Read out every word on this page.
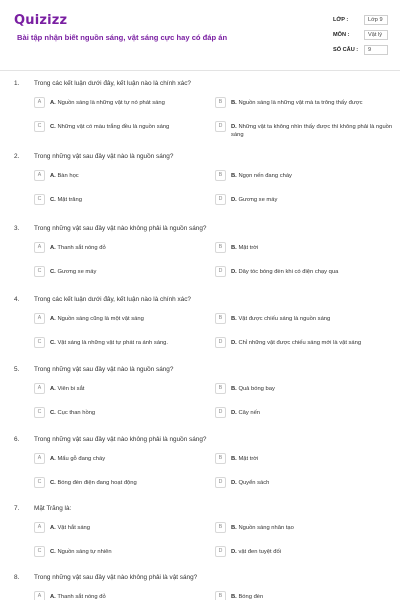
Quizizz
Bài tập nhận biết nguồn sáng, vật sáng cực hay có đáp án
LỚP :	Lớp 9
MÔN :	Vật lý
SỐ CÂU :	9
1. Trong các kết luận dưới đây, kết luận nào là chính xác?
A	A. Nguồn sáng là những vật tự nó phát sáng	B	B. Nguồn sáng là những vật mà ta trông thấy được
C	C. Những vật có màu trắng đều là nguồn sáng	D	D. Những vật ta không nhìn thấy được thì không phải là nguồn sáng
2. Trong những vật sau đây vật nào là nguồn sáng?
A	A. Bàn học	B	B. Ngọn nến đang cháy
C	C. Mặt trăng	D	D. Gương xe máy
3. Trong những vật sau đây vật nào không phải là nguồn sáng?
A	A. Thanh sắt nóng đỏ	B	B. Mặt trời
C	C. Gương xe máy	D	D. Dây tóc bóng đèn khi có điện chạy qua
4. Trong các kết luận dưới đây, kết luận nào là chính xác?
A	A. Nguồn sáng cũng là một vật sáng	B	B. Vật được chiếu sáng là nguồn sáng
C	C. Vật sáng là những vật tự phát ra ánh sáng.	D	D. Chỉ những vật được chiếu sáng mới là vật sáng
5. Trong những vật sau đây vật nào là nguồn sáng?
A	A. Viên bi sắt	B	B. Quả bóng bay
C	C. Cục than hồng	D	D. Cây nến
6. Trong những vật sau đây vật nào không phải là nguồn sáng?
A	A. Mẩu gỗ đang cháy	B	B. Mặt trời
C	C. Bóng đèn điện đang hoạt động	D	D. Quyển sách
7. Mặt Trăng là:
A	A. Vật hắt sáng	B	B. Nguồn sáng nhân tạo
C	C. Nguồn sáng tự nhiên	D	D. vật đen tuyệt đối
8. Trong những vật sau đây vật nào không phải là vật sáng?
A	A. Thanh sắt nóng đỏ	B	B. Bóng đèn
